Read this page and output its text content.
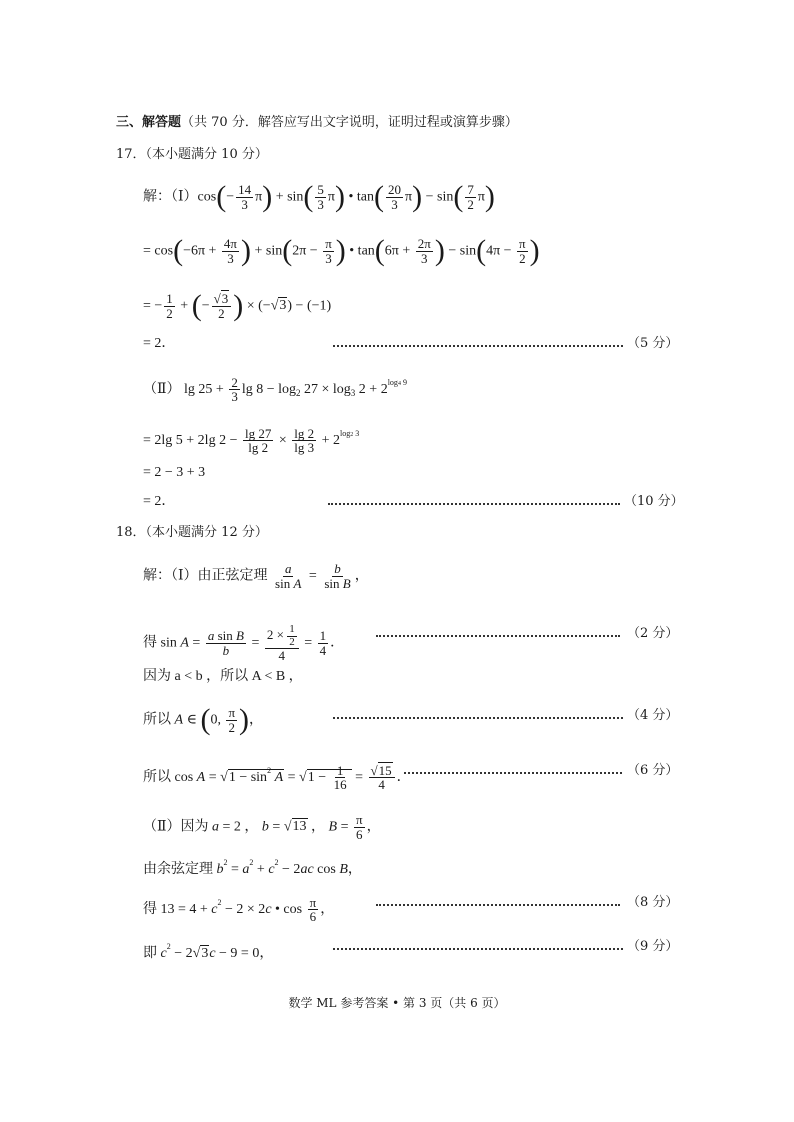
三、解答题（共 70 分．解答应写出文字说明，证明过程或演算步骤）
17．（本小题满分 10 分）
解：（Ⅰ）cos(− $\frac{14}{3} \pi) + \sin( \frac{5}{3} \pi)$ • $\tan( \frac{20}{3} \pi) - \sin( \frac{7}{2} \pi)$
= $\cos(-6\pi + \frac{4\pi}{3}$ ) + $\sin(2\pi - \frac{\pi}{3}$ ) • $\tan(6\pi + \frac{2\pi}{3}$ ) − $\sin(4\pi - \frac{\pi}{2}$ )
= − $\frac{1}{2}$ + (− $\frac{√3}{2}$ ) × (−√3) − (−1)
= 2．	（5 分）
（Ⅱ） $\lg 25 + \frac{2}{3}$ $\lg 8 - \log_2 27 \times \log_3 2 + 2^{log4 9}$
= 2lg 5 + 2lg $2 - \frac{\lg 27}{\lg 2} \times \frac{\lg 2}{\lg 3} + 2^{log2 3}$
= 2 − 3 + 3
= 2．	（10 分）
18．（本小题满分 12 分）
解：（Ⅰ）由正弦定理 $\frac{a}{\text{sin A}} = \frac{b}{\text{sin B}}$ ，
得 $\sin A = \frac{\text{a sin B}}{b} = \frac{2 \times \frac{1}{2}}{4} = \frac{1}{4}$ ．
（2 分）
因为 a < b ，所以 A < B ，
所以 A ∈ (0, $\frac{\pi}{2}$ )，	（4 分）
所以 $\cos A = √1 - \sin^2 A = √1 - \frac{1}{16} = \frac{√15}{4}$ ．	（6 分）
（Ⅱ）因为 a = 2 ， b = √13 ， $B = \frac{\pi}{6}$ ，
由余弦定理 $b^2 = a^2 + c^2 - 2ac$ cos B，
得 $13 = 4 + c^2 - 2 \times 2c$ • $\cos \frac{\pi}{6}$ ，	（8 分）
即 $c^2 - 2√3c - 9 = 0$，	（9 分）
数学 ML 参考答案 • 第 3 页（共 6 页）
